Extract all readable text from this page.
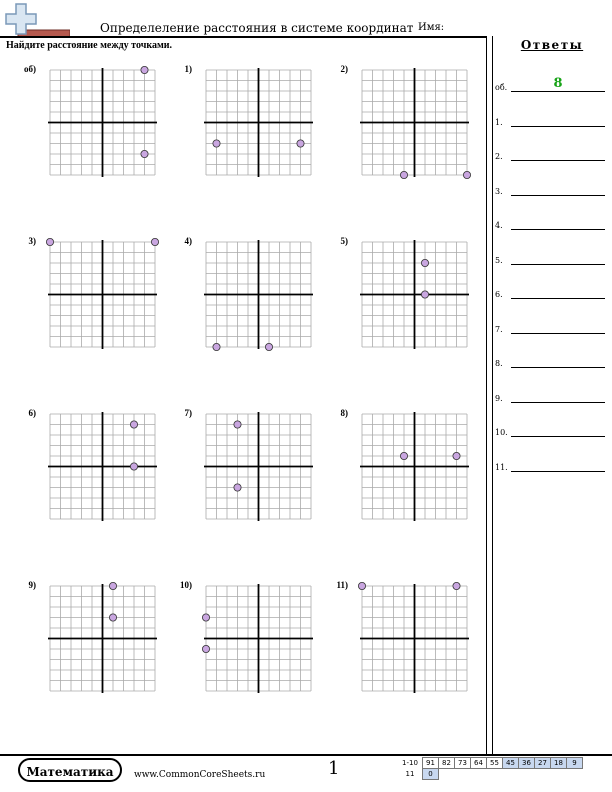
Определеление расстояния в системе координат Имя:
Найдите расстояние между точками.
об)	1)	2)
3)	4)	5)
6)	7)	8)
9)	10)	11)
Ответы
об.	8
1.
2.
3.
4.
5.
6.
7.
8.
9.
10.
11.
Математика	www.CommonCoreSheets.ru	1	1-10	91	82	73	64	55	45	36	27	18	9
11	0									
